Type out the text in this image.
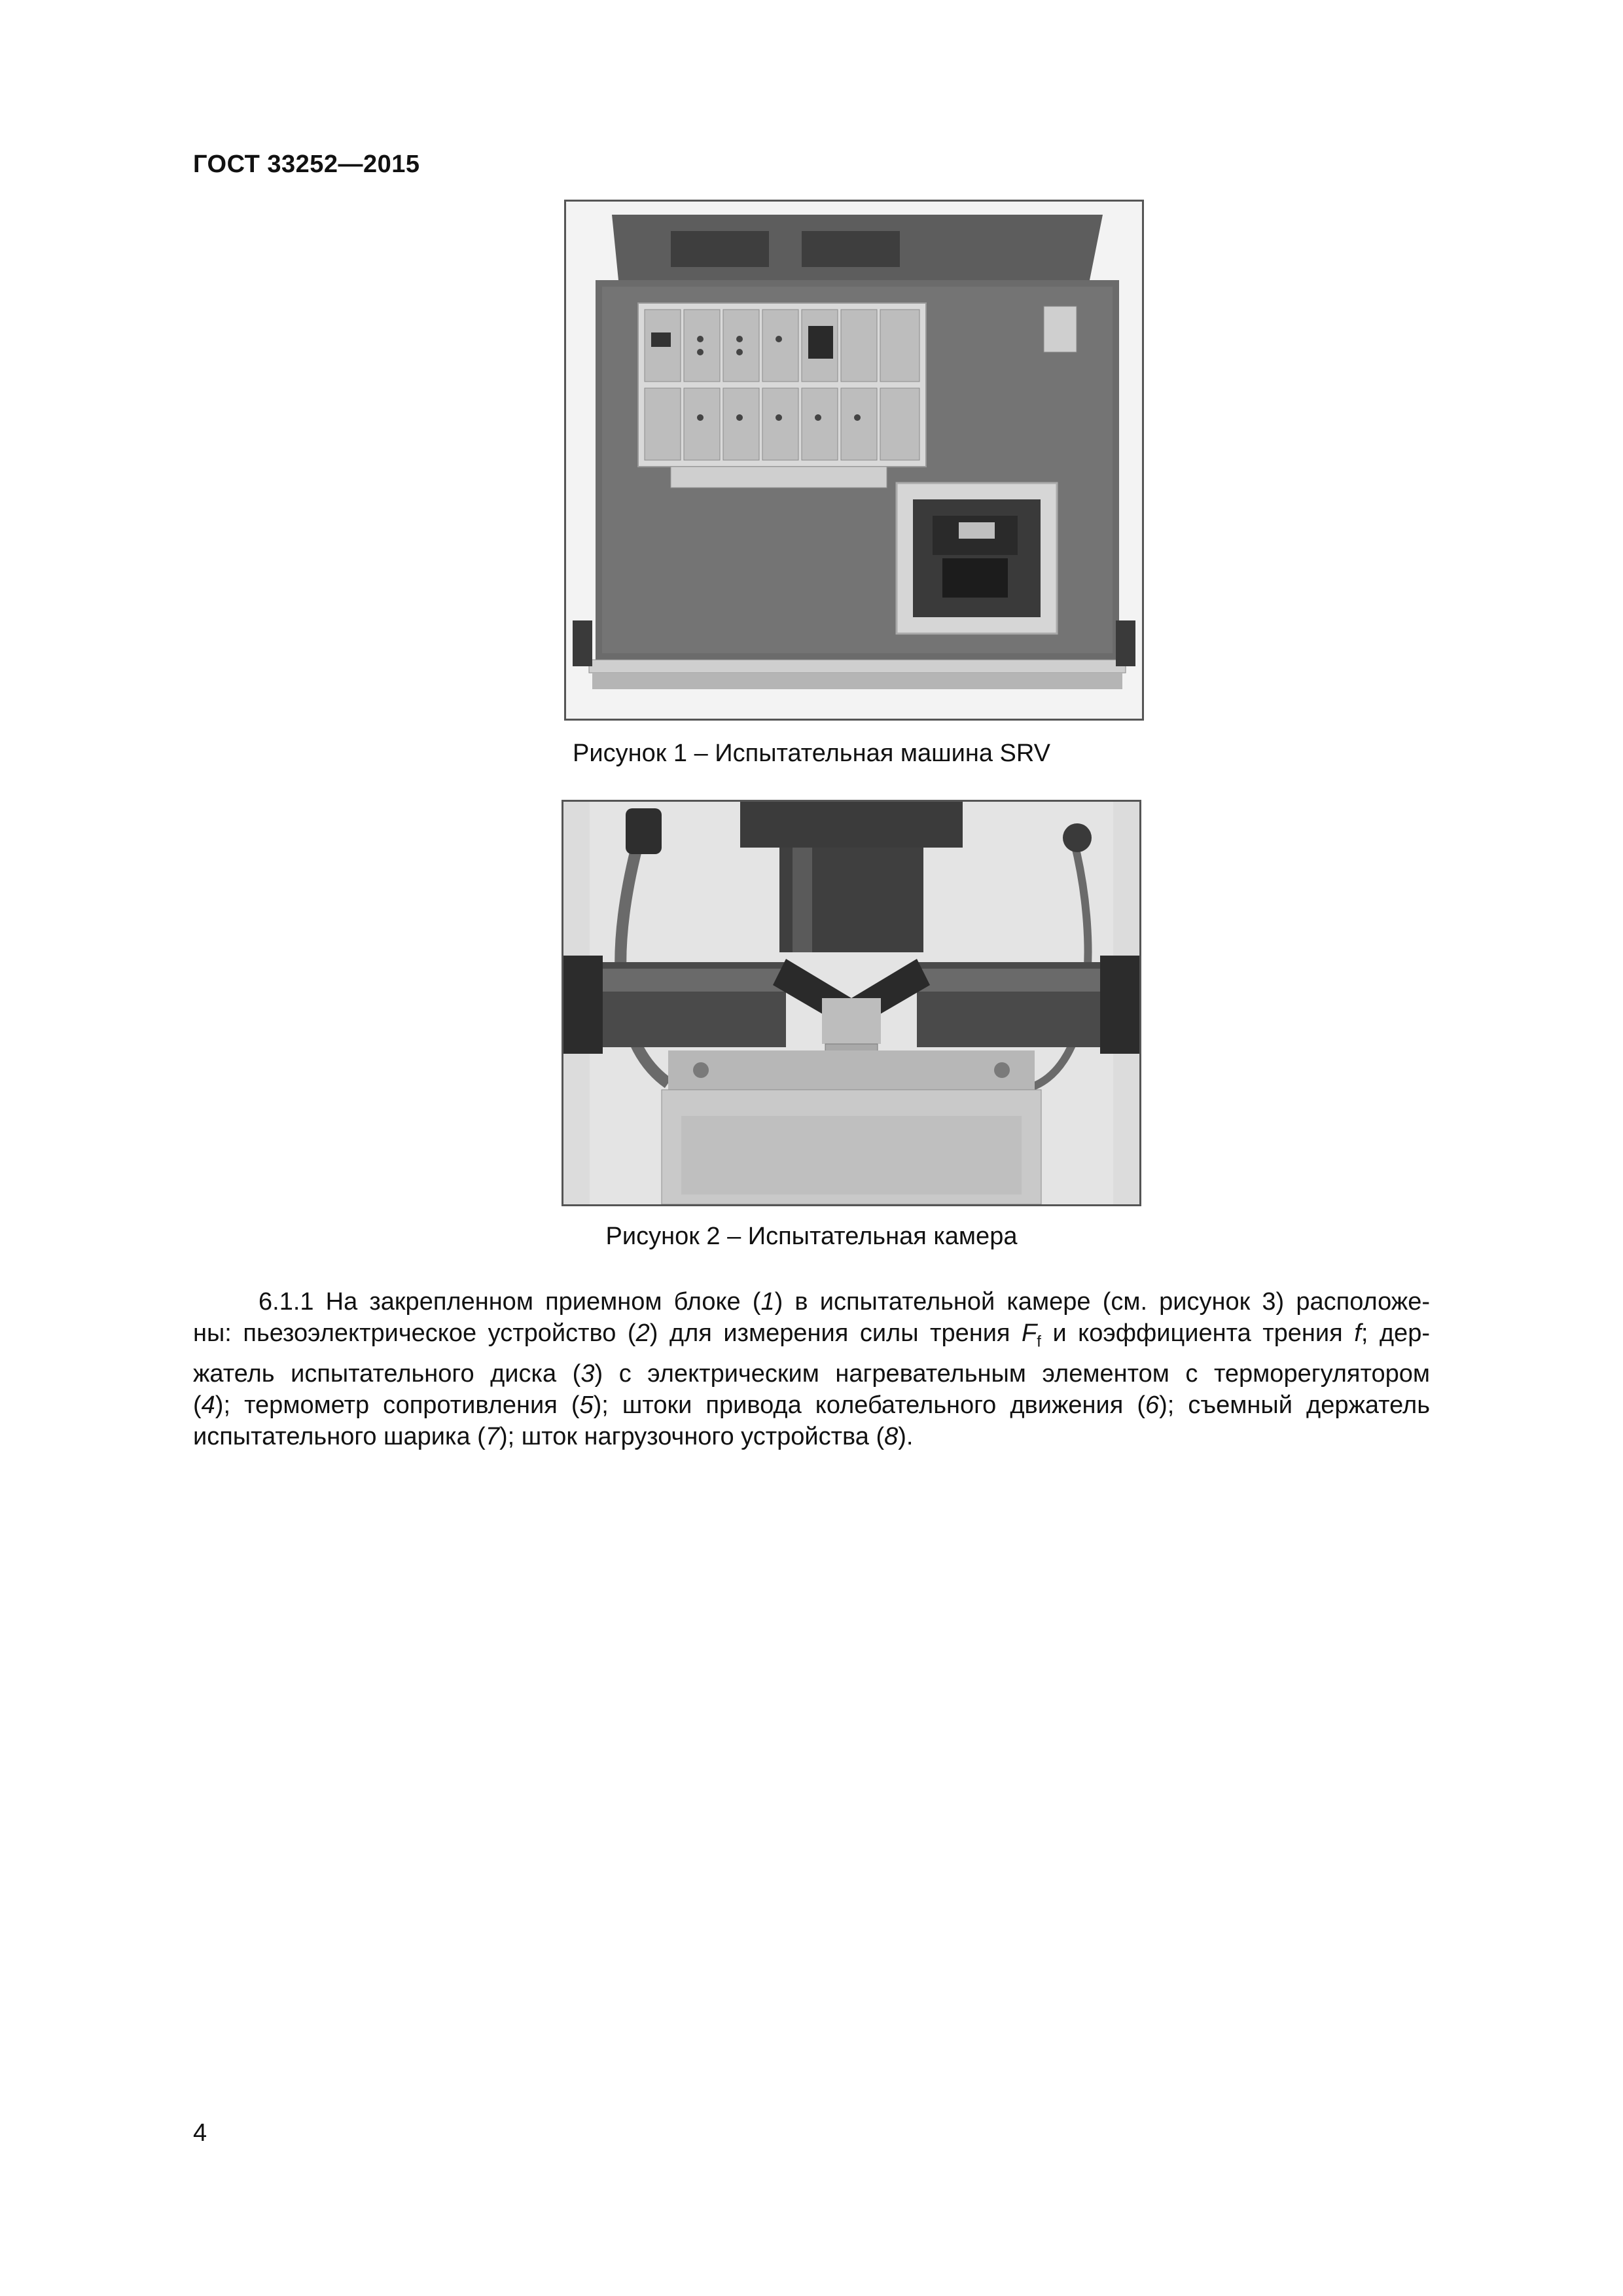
ГОСТ 33252—2015
Рисунок 1 – Испытательная машина SRV
Рисунок 2 – Испытательная камера
6.1.1 На закрепленном приемном блоке (1) в испытательной камере (см. рисунок 3) расположе-
ны: пьезоэлектрическое устройство (2) для измерения силы трения $F_f$ и коэффициента трения f; дер-
жатель испытательного диска (3) с электрическим нагревательным элементом с терморегулятором
(4); термометр сопротивления (5); штоки привода колебательного движения (6); съемный держатель
испытательного шарика (7); шток нагрузочного устройства (8).
4
